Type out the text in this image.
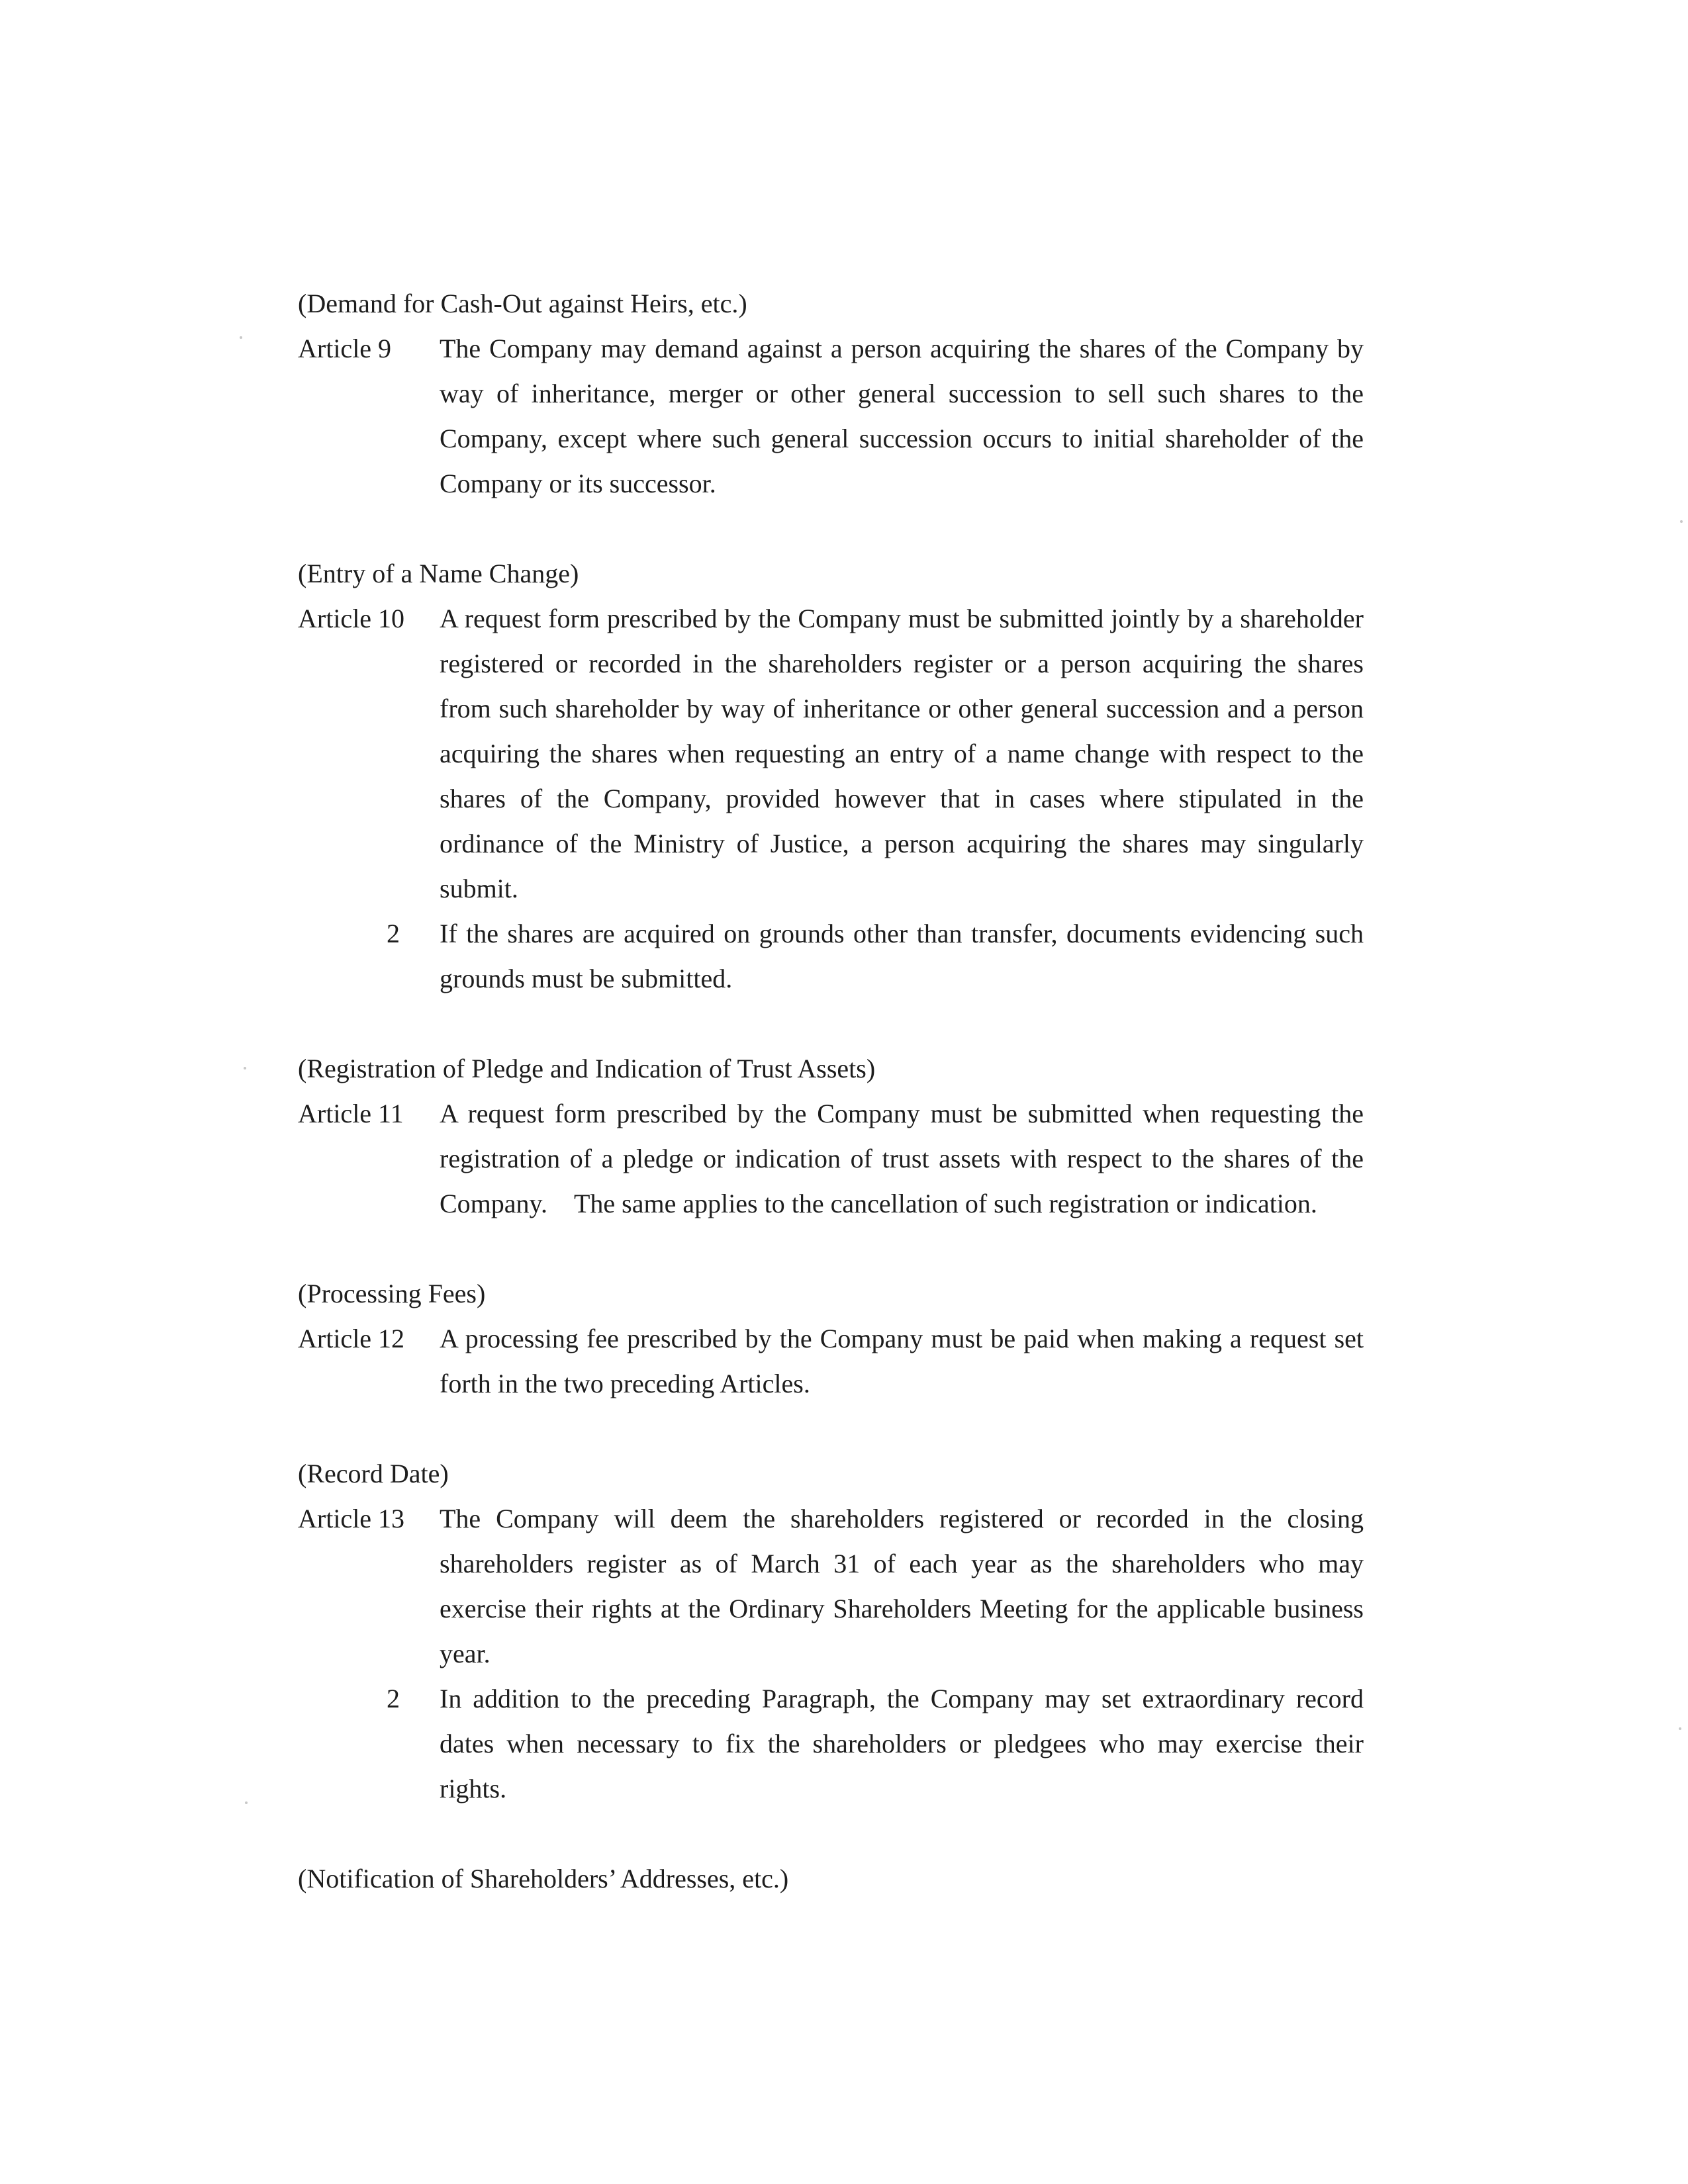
(Demand for Cash-Out against Heirs, etc.)

Article 9	The Company may demand against a person acquiring the shares of the Company by way of inheritance, merger or other general succession to sell such shares to the Company, except where such general succession occurs to initial shareholder of the Company or its successor.

(Entry of a Name Change)

Article 10	A request form prescribed by the Company must be submitted jointly by a shareholder registered or recorded in the shareholders register or a person acquiring the shares from such shareholder by way of inheritance or other general succession and a person acquiring the shares when requesting an entry of a name change with respect to the shares of the Company, provided however that in cases where stipulated in the ordinance of the Ministry of Justice, a person acquiring the shares may singularly submit.

2	If the shares are acquired on grounds other than transfer, documents evidencing such grounds must be submitted.

(Registration of Pledge and Indication of Trust Assets)

Article 11	A request form prescribed by the Company must be submitted when requesting the registration of a pledge or indication of trust assets with respect to the shares of the Company. The same applies to the cancellation of such registration or indication.

(Processing Fees)

Article 12	A processing fee prescribed by the Company must be paid when making a request set forth in the two preceding Articles.

(Record Date)

Article 13	The Company will deem the shareholders registered or recorded in the closing shareholders register as of March 31 of each year as the shareholders who may exercise their rights at the Ordinary Shareholders Meeting for the applicable business year.

2	In addition to the preceding Paragraph, the Company may set extraordinary record dates when necessary to fix the shareholders or pledgees who may exercise their rights.

(Notification of Shareholders’ Addresses, etc.)
